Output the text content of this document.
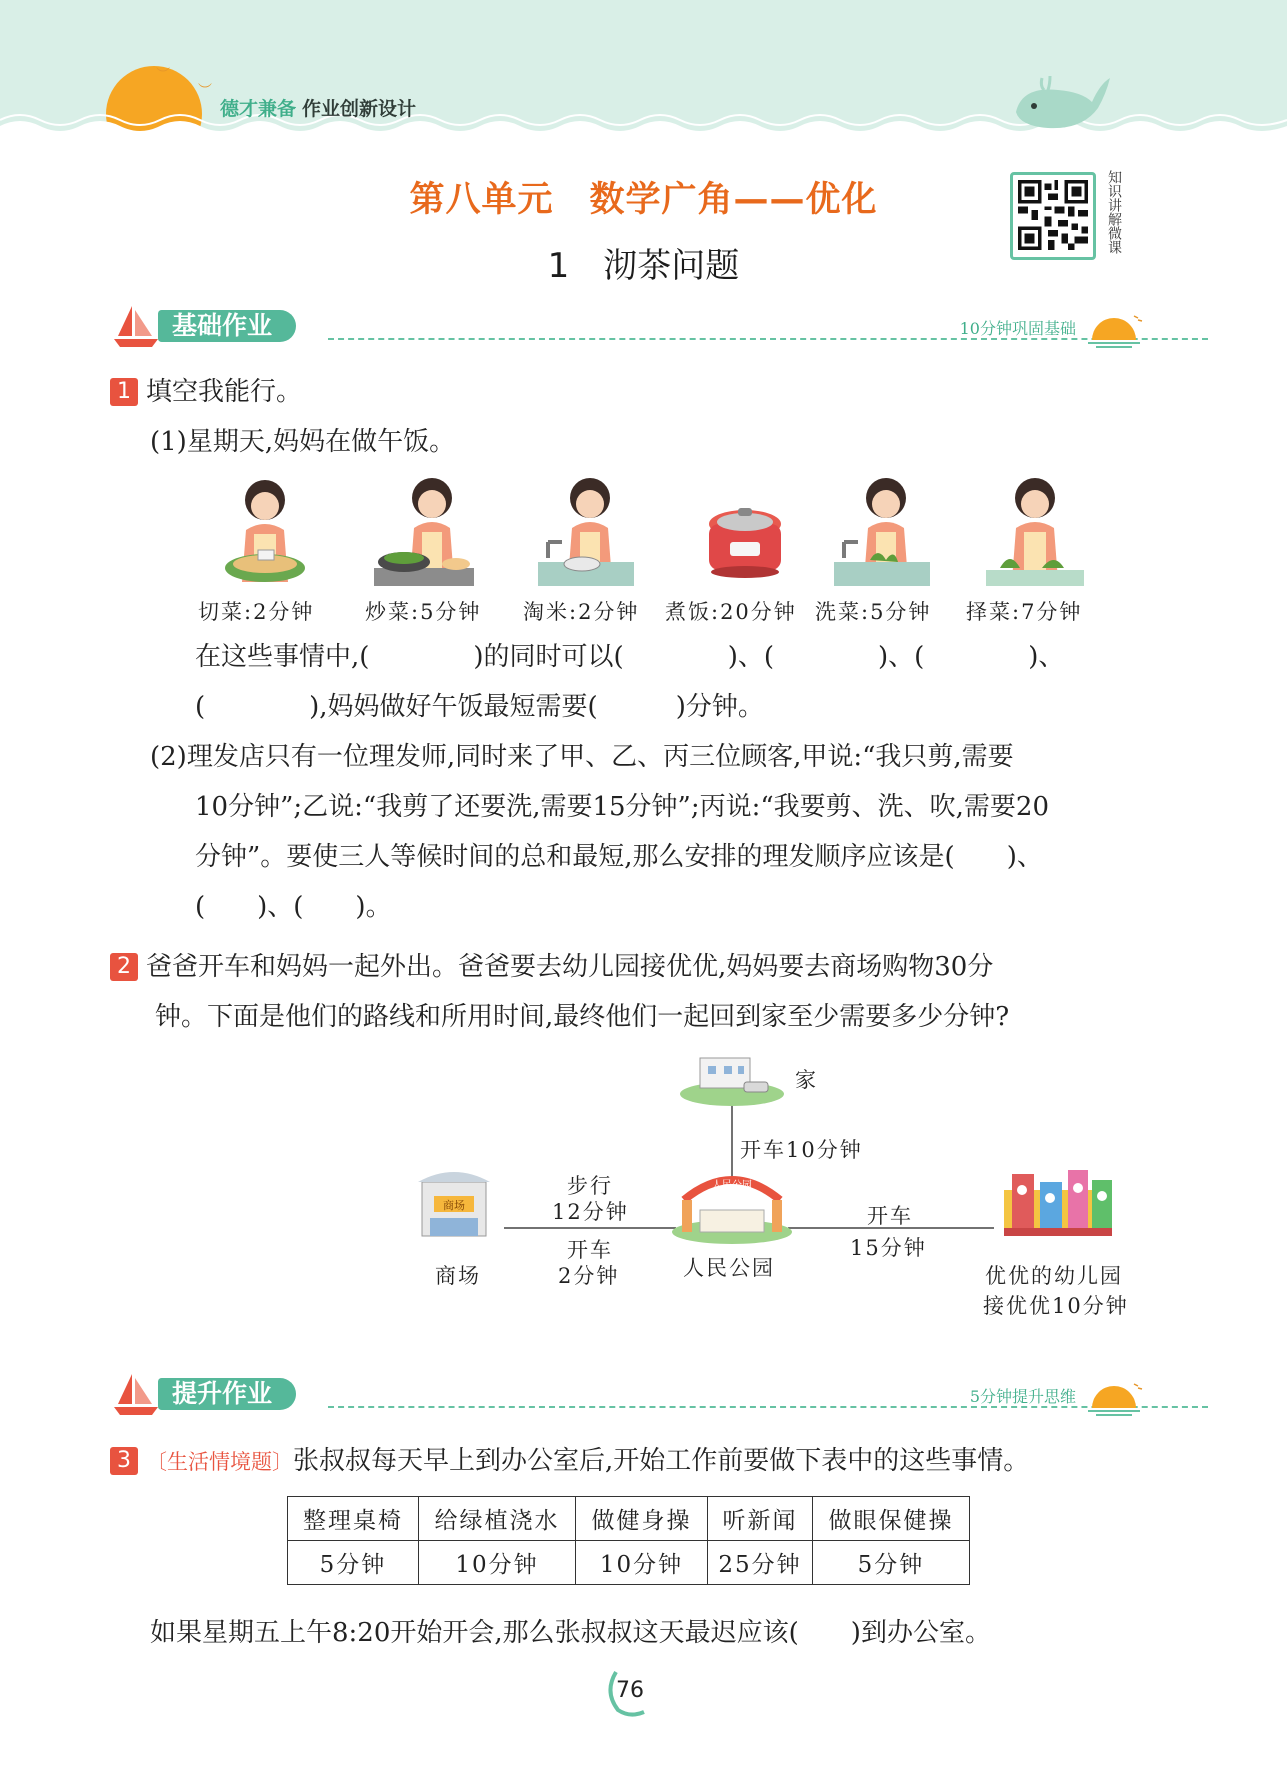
︶
︶
德才兼备 作业创新设计
第八单元　数学广角——优化
1　沏茶问题
知识讲解微课
基础作业	10分钟巩固基础
1 填空我能行。
(1)星期天,妈妈在做午饭。
切菜:2分钟 炒菜:5分钟 淘米:2分钟 煮饭:20分钟 洗菜:5分钟 择菜:7分钟
在这些事情中,(　　　　)的同时可以(　　　　)、(　　　　)、(　　　　)、
(　　　　),妈妈做好午饭最短需要(　　　)分钟。
(2)理发店只有一位理发师,同时来了甲、乙、丙三位顾客,甲说:“我只剪,需要
10分钟”;乙说:“我剪了还要洗,需要15分钟”;丙说:“我要剪、洗、吹,需要20
分钟”。要使三人等候时间的总和最短,那么安排的理发顺序应该是(　　)、
(　　)、(　　)。
2 爸爸开车和妈妈一起外出。爸爸要去幼儿园接优优,妈妈要去商场购物30分
钟。下面是他们的路线和所用时间,最终他们一起回到家至少需要多少分钟?
商场
人民公园
家
开车10分钟
步行
12分钟
开车
2分钟
开车
15分钟
商场	人民公园	优优的幼儿园
接优优10分钟
提升作业	5分钟提升思维
3 〔生活情境题〕张叔叔每天早上到办公室后,开始工作前要做下表中的这些事情。
整理桌椅	给绿植浇水	做健身操	听新闻	做眼保健操
5分钟	10分钟	10分钟	25分钟	5分钟
如果星期五上午8:20开始开会,那么张叔叔这天最迟应该(　　)到办公室。
76
